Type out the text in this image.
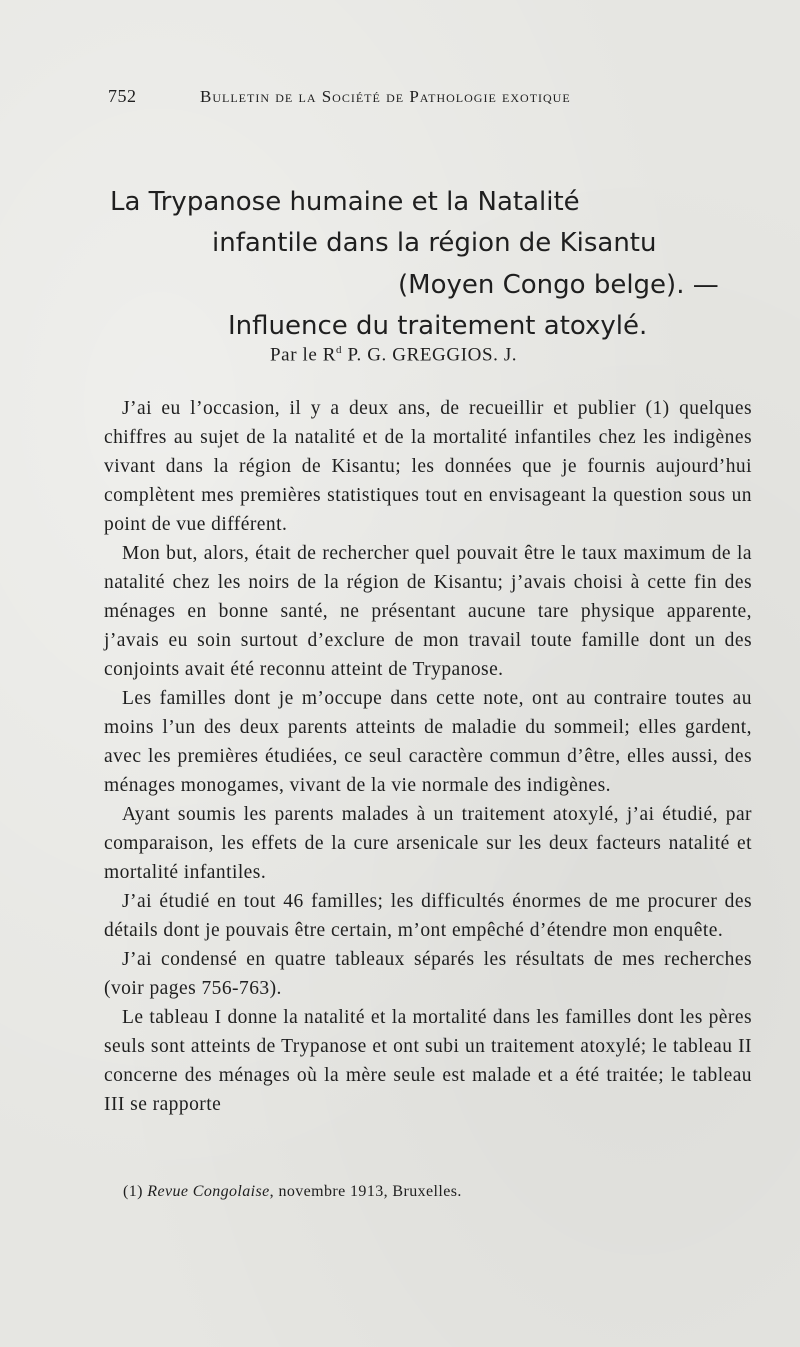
752	Bulletin de la Société de Pathologie exotique
La Trypanose humaine et la Natalité
infantile dans la région de Kisantu
(Moyen Congo belge). —
Influence du traitement atoxylé.
Par le $R^d$ P. G. GREGGIOS. J.

J’ai eu l’occasion, il y a deux ans, de recueillir et publier (1) quelques chiffres au sujet de la natalité et de la mortalité infantiles chez les indigènes vivant dans la région de Kisantu; les données que je fournis aujourd’hui complètent mes premières statistiques tout en envisageant la question sous un point de vue différent.

Mon but, alors, était de rechercher quel pouvait être le taux maximum de la natalité chez les noirs de la région de Kisantu; j’avais choisi à cette fin des ménages en bonne santé, ne présentant aucune tare physique apparente, j’avais eu soin surtout d’exclure de mon travail toute famille dont un des conjoints avait été reconnu atteint de Trypanose.

Les familles dont je m’occupe dans cette note, ont au contraire toutes au moins l’un des deux parents atteints de maladie du sommeil; elles gardent, avec les premières étudiées, ce seul caractère commun d’être, elles aussi, des ménages monogames, vivant de la vie normale des indigènes.

Ayant soumis les parents malades à un traitement atoxylé, j’ai étudié, par comparaison, les effets de la cure arsenicale sur les deux facteurs natalité et mortalité infantiles.

J’ai étudié en tout 46 familles; les difficultés énormes de me procurer des détails dont je pouvais être certain, m’ont empêché d’étendre mon enquête.

J’ai condensé en quatre tableaux séparés les résultats de mes recherches (voir pages 756-763).

Le tableau I donne la natalité et la mortalité dans les familles dont les pères seuls sont atteints de Trypanose et ont subi un traitement atoxylé; le tableau II concerne des ménages où la mère seule est malade et a été traitée; le tableau III se rapporte

(1) Revue Congolaise, novembre 1913, Bruxelles.
